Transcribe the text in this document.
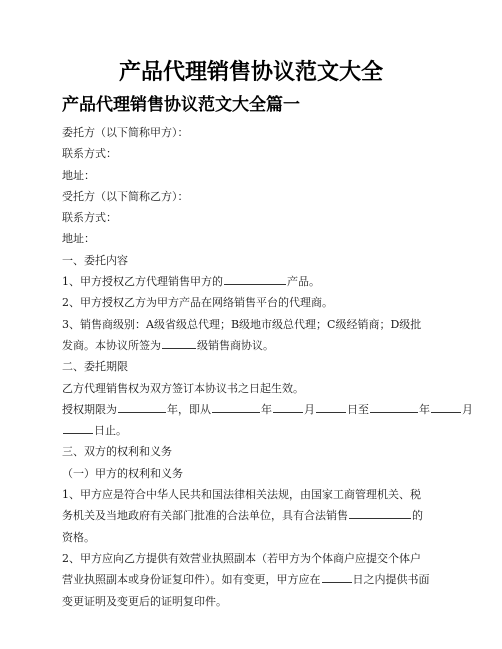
产品代理销售协议范文大全
产品代理销售协议范文大全篇一
委托方（以下简称甲方）：
联系方式：
地址：
受托方（以下简称乙方）：
联系方式：
地址：
一、委托内容
1、甲方授权乙方代理销售甲方的	产品。
2、甲方授权乙方为甲方产品在网络销售平台的代理商。
3、销售商级别：A级省级总代理；B级地市级总代理；C级经销商；D级批
发商。本协议所签为	级销售商协议。
二、委托期限
乙方代理销售权为双方签订本协议书之日起生效。
授权期限为	年，即从	年	月	日至	年	月
日止。
三、双方的权利和义务
（一）甲方的权利和义务
1、甲方应是符合中华人民共和国法律相关法规，由国家工商管理机关、税
务机关及当地政府有关部门批准的合法单位，具有合法销售	的
资格。
2、甲方应向乙方提供有效营业执照副本（若甲方为个体商户应提交个体户
营业执照副本或身份证复印件）。如有变更，甲方应在	日之内提供书面
变更证明及变更后的证明复印件。
